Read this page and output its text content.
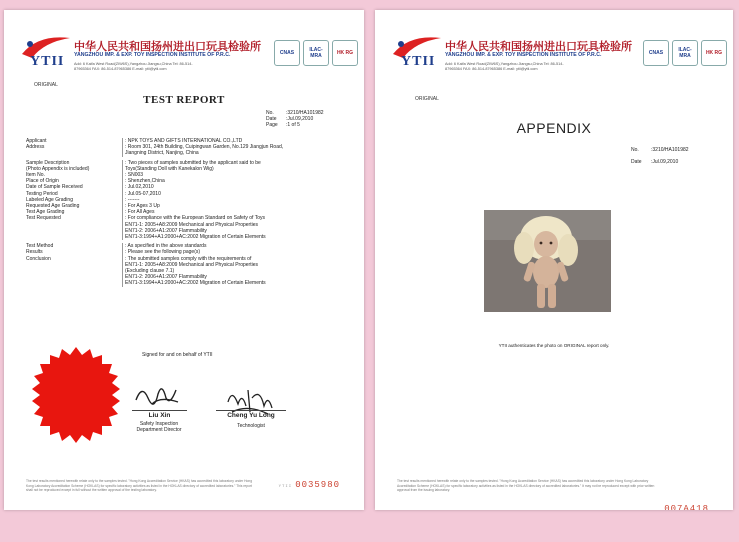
YTII
中华人民共和国扬州进出口玩具检验所
YANGZHOU IMP. & EXP. TOY INSPECTION INSTITUTE OF P.R.C.
Add: 6 Kaifa West Road(ZIW6S),Yangzhou Jiangsu,China Tel: 86-514-87965364 FAX: 86-514-87965386 E-mail: ytii@ytii.com
CNAS	ILAC-MRA	HK RG
ORIGINAL
TEST REPORT
No.	:3210/HA101982
Date	:Jul.09,2010
Page	:1 of 5
Applicant	: NPK TOYS AND GIFTS INTERNATIONAL CO.,LTD
Address	: Room 301, 24th Building, Cuipingwan Garden, No.129 Jiangjun Road,
Jiangning District, Nanjing, China
Sample Description	: Two pieces of samples submitted by the applicant said to be
(Photo Appendix is included)	Toys(Standing Doll with Kanekalon Wig)
Item No.	: SN003
Place of Origin	: Shenzhen,China
Date of Sample Received	: Jul.02,2010
Testing Period	: Jul.05-07,2010
Labeled Age Grading	: -------
Requested Age Grading	: For Ages 3 Up
Test Age Grading	: For All Ages
Test Requested	: For compliance with the European Standard on Safety of Toys
EN71-1: 2005+A8:2009 Mechanical and Physical Properties
EN71-2: 2006+A1:2007 Flammability
EN71-3:1994+A1:2000+AC:2002 Migration of Certain Elements
Test Method	: As specified in the above standards
Results	: Please see the following page(s)
Conclusion	: The submitted samples comply with the requirements of
EN71-1: 2005+A8:2009 Mechanical and Physical Properties
(Excluding clause 7.1)
EN71-2: 2006+A1:2007 Flammability
EN71-3:1994+A1:2000+AC:2002 Migration of Certain Elements
Signed for and on behalf of YTII
Liu Xin
Safety Inspection
Department Director
Cheng Yu Long
Technologist
The test results mentioned herewith relate only to the samples tested. "Hong Kong Accreditation Service (HKAS) has accredited this laboratory under Hong Kong Laboratory Accreditation Scheme (HOKLAS) for specific laboratory activities as listed in the HOKLAS directory of accredited laboratories." This report shall not be reproduced except in full without the written approval of the testing laboratory.
YTII 0035980
YTII
中华人民共和国扬州进出口玩具检验所
YANGZHOU IMP. & EXP. TOY INSPECTION INSTITUTE OF P.R.C.
Add: 6 Kaifa West Road(ZIW6S),Yangzhou Jiangsu,China Tel: 86-514-87965364 FAX: 86-514-87965386 E-mail: ytii@ytii.com
CNAS	ILAC-MRA	HK RG
ORIGINAL
APPENDIX
No.	:3210/HA101982
Date	:Jul.09,2010
YTII authenticates the photo on ORIGINAL report only.
The test results mentioned herewith relate only to the samples tested. "Hong Kong Accreditation Service (HKAS) has accredited this laboratory under Hong Kong Laboratory Accreditation Scheme (HOKLAS) for specific laboratory activities as listed in the HOKLAS directory of accredited laboratories." It may not be reproduced except with prior written approval from the issuing laboratory.
007A418
